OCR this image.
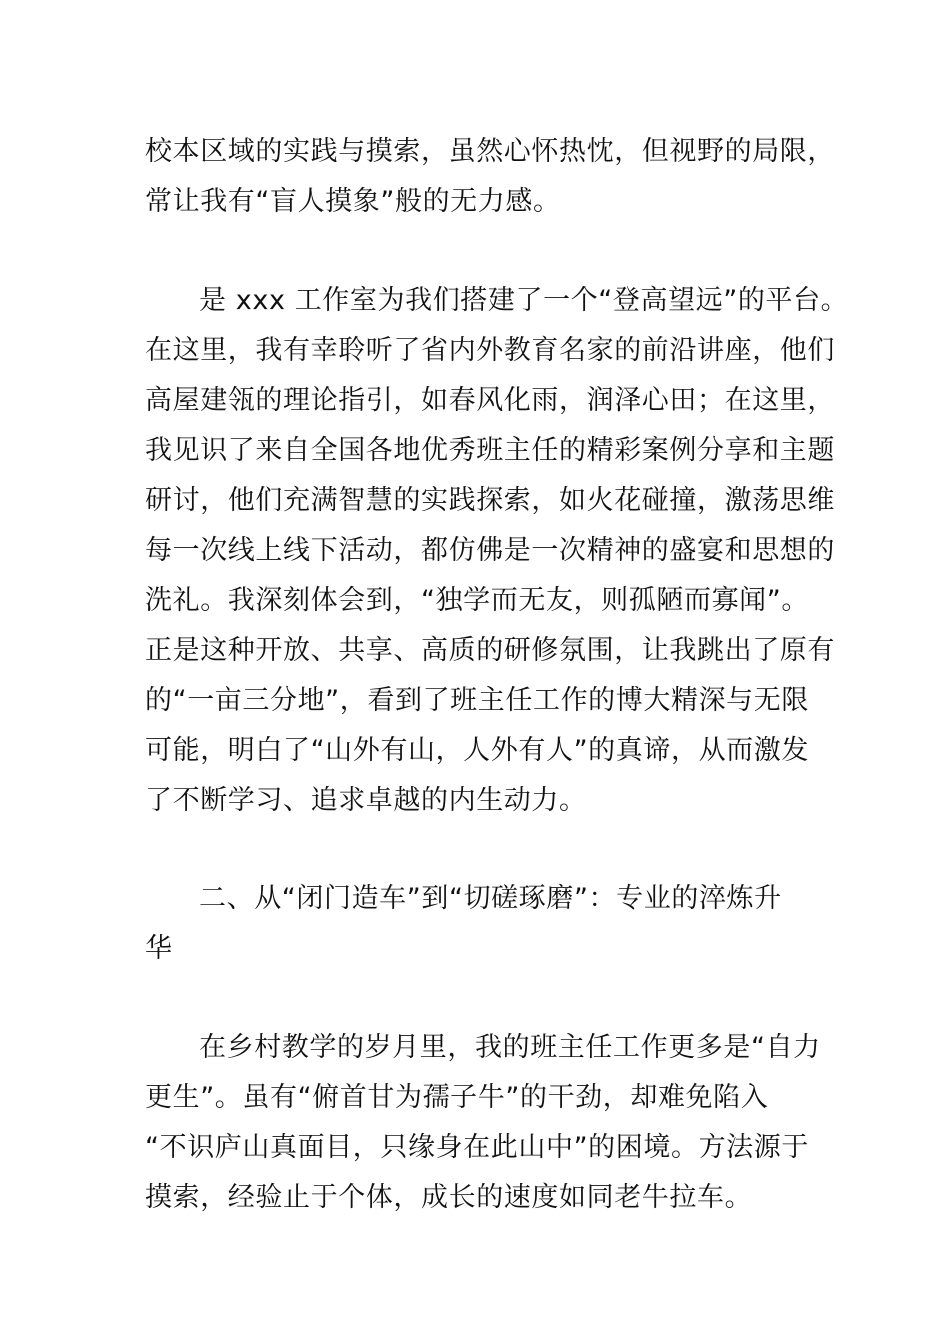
校本区域的实践与摸索，虽然心怀热忱，但视野的局限，
常让我有“盲人摸象”般的无力感。
是 xxx 工作室为我们搭建了一个“登高望远”的平台。
在这里，我有幸聆听了省内外教育名家的前沿讲座，他们
高屋建瓴的理论指引，如春风化雨，润泽心田；在这里，
我见识了来自全国各地优秀班主任的精彩案例分享和主题
研讨，他们充满智慧的实践探索，如火花碰撞，激荡思维
每一次线上线下活动，都仿佛是一次精神的盛宴和思想的
洗礼。我深刻体会到，“独学而无友，则孤陋而寡闻”。
正是这种开放、共享、高质的研修氛围，让我跳出了原有
的“一亩三分地”，看到了班主任工作的博大精深与无限
可能，明白了“山外有山，人外有人”的真谛，从而激发
了不断学习、追求卓越的内生动力。
二、从“闭门造车”到“切磋琢磨”：专业的淬炼升
华
在乡村教学的岁月里，我的班主任工作更多是“自力
更生”。虽有“俯首甘为孺子牛”的干劲，却难免陷入
“不识庐山真面目，只缘身在此山中”的困境。方法源于
摸索，经验止于个体，成长的速度如同老牛拉车。
